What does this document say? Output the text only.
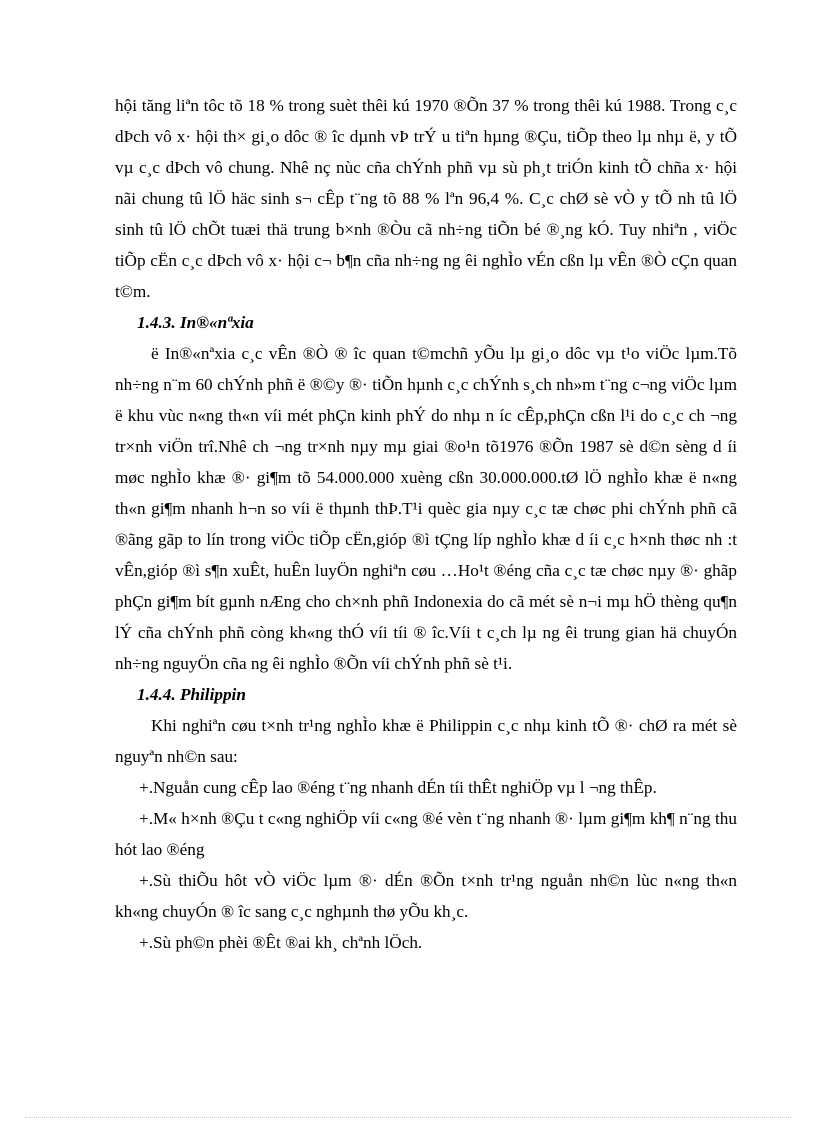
hội tăng liªn tôc tõ 18 % trong suèt thêi kú 1970 ®Õn 37 % trong thêi kú 1988. Trong c¸c dÞch vô x· hội th× gi¸o dôc ® îc dµnh vÞ trÝ u tiªn hµng ®Çu, tiÕp theo lµ nhµ ë, y tÕ vµ c¸c dÞch vô chung. Nhê nç nùc cña chÝnh phñ vµ sù ph¸t triÓn kinh tÕ chña x· hội nãi chung tû lÖ häc sinh s¬ cÊp t¨ng tõ 88 % lªn 96,4 %. C¸c chØ sè vÒ y tÕ nh tû lÖ sinh tû lÖ chÕt tuæi thä trung b×nh ®Òu cã nh÷ng tiÕn bé ®¸ng kÓ. Tuy nhiªn , viÖc tiÕp cËn c¸c dÞch vô x· hội c¬ b¶n cña nh÷ng ng êi nghÌo vÉn cßn lµ vÊn ®Ò cÇn quan t©m.

1.4.3. In®«nªxia

ë In®«nªxia c¸c vÊn ®Ò ® îc quan t©mchñ yÕu lµ gi¸o dôc vµ t¹o viÖc lµm.Tõ nh÷ng n¨m 60 chÝnh phñ ë ®©y ®· tiÕn hµnh c¸c chÝnh s¸ch nh»m t¨ng c¬ng viÖc lµm ë khu vùc n«ng th«n víi mét phÇn kinh phÝ do nhµ n íc cÊp,phÇn cßn l¹i do c¸c ch ¬ng tr×nh viÖn trî.Nhê ch ¬ng tr×nh nµy mµ giai ®o¹n tõ1976 ®Õn 1987 sè d©n sèng d íi møc nghÌo khæ ®· gi¶m tõ 54.000.000 xuèng cßn 30.000.000.tØ lÖ nghÌo khæ ë n«ng th«n gi¶m nhanh h¬n so víi ë thµnh thÞ.T¹i quèc gia nµy c¸c tæ chøc phi chÝnh phñ cã ®ãng gãp to lín trong viÖc tiÕp cËn,gióp ®ì tÇng líp nghÌo khæ d íi c¸c h×nh thøc nh :t vÊn,gióp ®ì s¶n xuÊt, huÊn luyÖn nghiªn cøu …Ho¹t ®éng cña c¸c tæ chøc nµy ®· ghãp phÇn gi¶m bít gµnh nÆng cho ch×nh phñ Indonexia do cã mét sè n¬i mµ hÖ thèng qu¶n lÝ cña chÝnh phñ còng kh«ng thÓ víi tíi ® îc.Víi t c¸ch lµ ng êi trung gian hä chuyÓn nh÷ng nguyÖn cña ng êi nghÌo ®Õn víi chÝnh phñ sè t¹i.

1.4.4. Philippin

Khi nghiªn cøu t×nh tr¹ng nghÌo khæ ë Philippin c¸c nhµ kinh tÕ ®· chØ ra mét sè nguyªn nh©n sau:

+.Nguån cung cÊp lao ®éng t¨ng nhanh dÉn tíi thÊt nghiÖp vµ l ¬ng thÊp.

+.M« h×nh ®Çu t c«ng nghiÖp víi c«ng ®é vèn t¨ng nhanh ®· lµm gi¶m kh¶ n¨ng thu hót lao ®éng

+.Sù thiÕu hôt vÒ viÖc lµm ®· dÉn ®Õn t×nh tr¹ng nguån nh©n lùc n«ng th«n kh«ng chuyÓn ® îc sang c¸c nghµnh thø yÕu kh¸c.

+.Sù ph©n phèi ®Êt ®ai kh¸ chªnh lÖch.
